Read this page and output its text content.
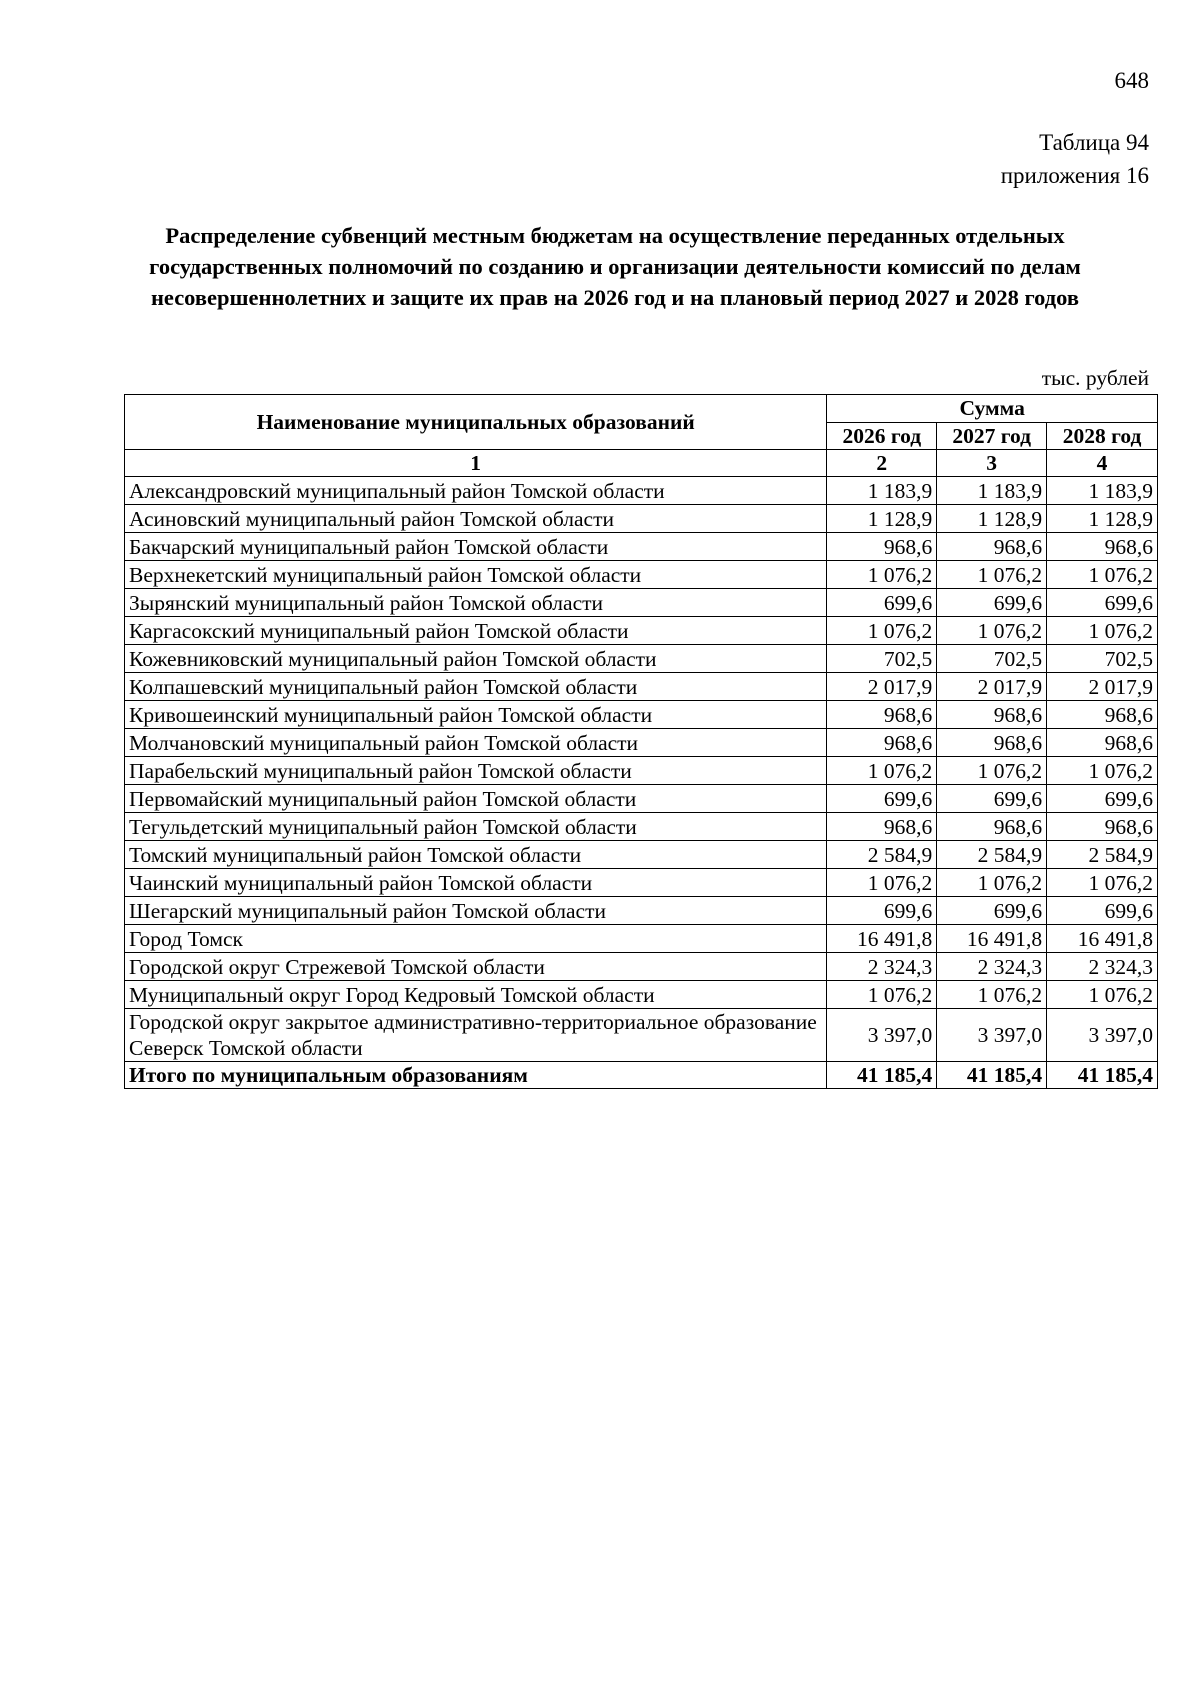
648
Таблица 94
приложения 16
Распределение субвенций местным бюджетам на осуществление переданных отдельных государственных полномочий по созданию и организации деятельности комиссий по делам несовершеннолетних и защите их прав на 2026 год и на плановый период 2027 и 2028 годов
тыс. рублей
Наименование муниципальных образований	Сумма		
	2026 год	2027 год	2028 год
1	2	3	4
Александровский муниципальный район Томской области	1 183,9	1 183,9	1 183,9
Асиновский муниципальный район Томской области	1 128,9	1 128,9	1 128,9
Бакчарский муниципальный район Томской области	968,6	968,6	968,6
Верхнекетский муниципальный район Томской области	1 076,2	1 076,2	1 076,2
Зырянский муниципальный район Томской области	699,6	699,6	699,6
Каргасокский муниципальный район Томской области	1 076,2	1 076,2	1 076,2
Кожевниковский муниципальный район Томской области	702,5	702,5	702,5
Колпашевский муниципальный район Томской области	2 017,9	2 017,9	2 017,9
Кривошеинский муниципальный район Томской области	968,6	968,6	968,6
Молчановский муниципальный район Томской области	968,6	968,6	968,6
Парабельский муниципальный район Томской области	1 076,2	1 076,2	1 076,2
Первомайский муниципальный район Томской области	699,6	699,6	699,6
Тегульдетский муниципальный район Томской области	968,6	968,6	968,6
Томский муниципальный район Томской области	2 584,9	2 584,9	2 584,9
Чаинский муниципальный район Томской области	1 076,2	1 076,2	1 076,2
Шегарский муниципальный район Томской области	699,6	699,6	699,6
Город Томск	16 491,8	16 491,8	16 491,8
Городской округ Стрежевой Томской области	2 324,3	2 324,3	2 324,3
Муниципальный округ Город Кедровый Томской области	1 076,2	1 076,2	1 076,2
Городской округ закрытое административно-территориальное образование Северск Томской области	3 397,0	3 397,0	3 397,0
Итого по муниципальным образованиям	41 185,4	41 185,4	41 185,4
